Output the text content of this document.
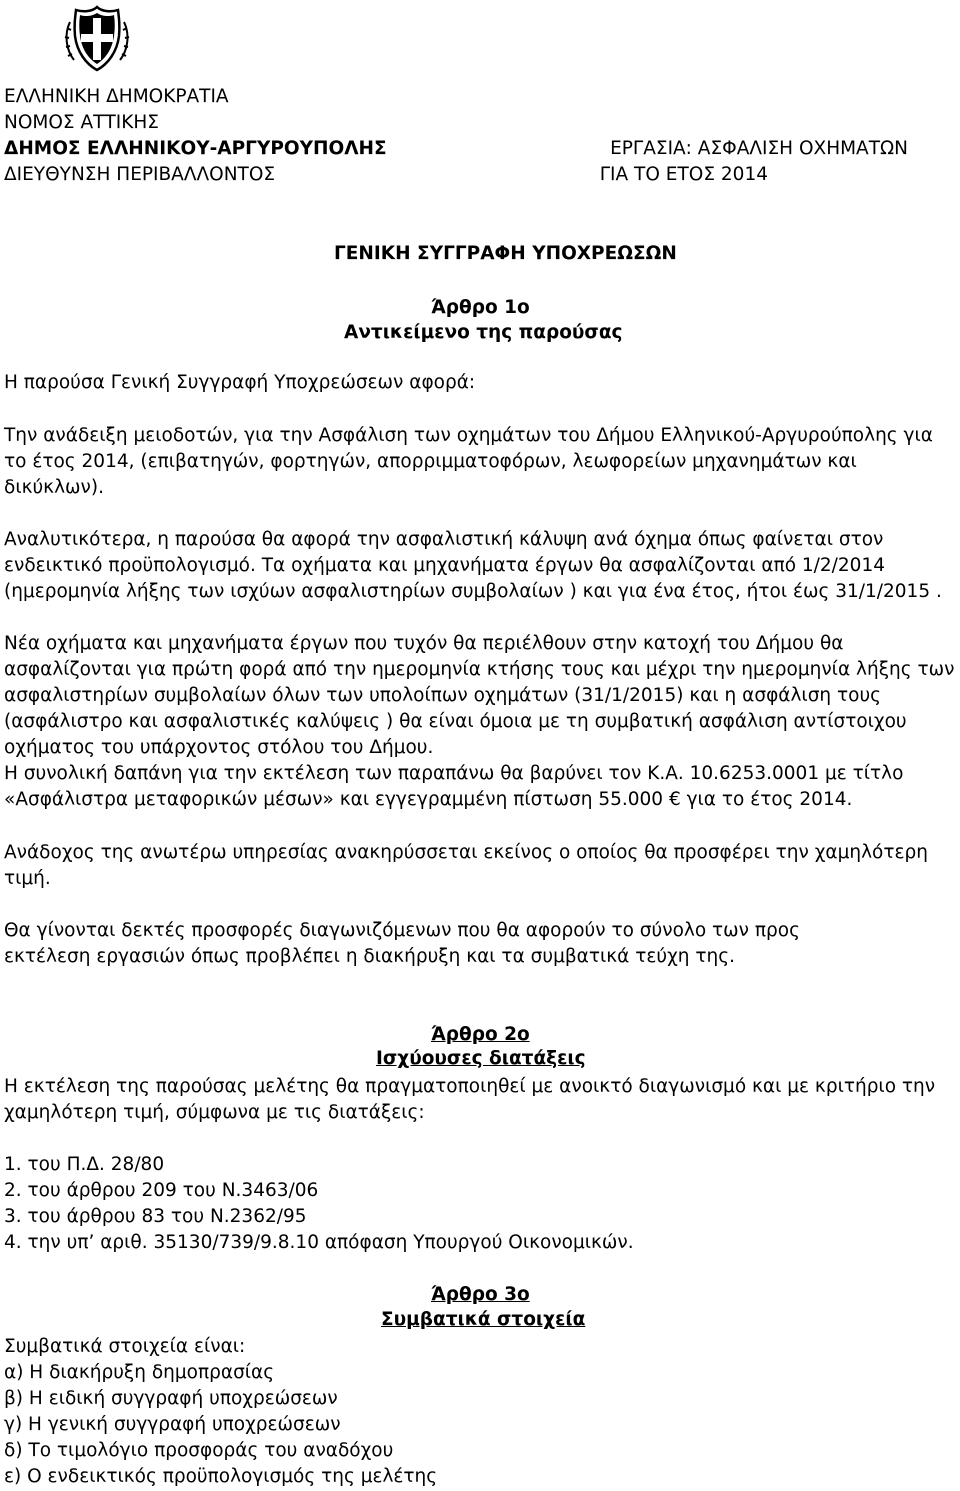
ΕΛΛΗΝΙΚΗ ΔΗΜΟΚΡΑΤΙΑ
ΝΟΜΟΣ ΑΤΤΙΚΗΣ
ΔΗΜΟΣ ΕΛΛΗΝΙΚΟΥ-ΑΡΓΥΡΟΥΠΟΛΗΣ	ΕΡΓΑΣΙΑ: ΑΣΦΑΛΙΣΗ ΟΧΗΜΑΤΩΝ
ΔΙΕΥΘΥΝΣΗ ΠΕΡΙΒΑΛΛΟΝΤΟΣ	ΓΙΑ ΤΟ ΕΤΟΣ 2014
ΓΕΝΙΚΗ ΣΥΓΓΡΑΦΗ ΥΠΟΧΡΕΩΣΩΝ
Άρθρο 1ο
Αντικείμενο της παρούσας
Η παρούσα Γενική Συγγραφή Υποχρεώσεων αφορά:
Την ανάδειξη μειοδοτών, για την Ασφάλιση των οχημάτων του Δήμου Ελληνικού-Αργυρούπολης για
το έτος 2014, (επιβατηγών, φορτηγών, απορριμματοφόρων, λεωφορείων μηχανημάτων και
δικύκλων).
Αναλυτικότερα, η παρούσα θα αφορά την ασφαλιστική κάλυψη ανά όχημα όπως φαίνεται στον
ενδεικτικό προϋπολογισμό. Τα οχήματα και μηχανήματα έργων θα ασφαλίζονται από 1/2/2014
(ημερομηνία λήξης των ισχύων ασφαλιστηρίων συμβολαίων ) και για ένα έτος, ήτοι έως 31/1/2015 .
Νέα οχήματα και μηχανήματα έργων που τυχόν θα περιέλθουν στην κατοχή του Δήμου θα
ασφαλίζονται για πρώτη φορά από την ημερομηνία κτήσης τους και μέχρι την ημερομηνία λήξης των
ασφαλιστηρίων συμβολαίων όλων των υπολοίπων οχημάτων (31/1/2015) και η ασφάλιση τους
(ασφάλιστρο και ασφαλιστικές καλύψεις ) θα είναι όμοια με τη συμβατική ασφάλιση αντίστοιχου
οχήματος του υπάρχοντος στόλου του Δήμου.
Η συνολική δαπάνη για την εκτέλεση των παραπάνω θα βαρύνει τον Κ.Α. 10.6253.0001 με τίτλο
«Ασφάλιστρα μεταφορικών μέσων» και εγγεγραμμένη πίστωση 55.000 € για το έτος 2014.
Ανάδοχος της ανωτέρω υπηρεσίας ανακηρύσσεται εκείνος ο οποίος θα προσφέρει την χαμηλότερη
τιμή.
Θα γίνονται δεκτές προσφορές διαγωνιζόμενων που θα αφορούν το σύνολο των προς
εκτέλεση εργασιών όπως προβλέπει η διακήρυξη και τα συμβατικά τεύχη της.
Άρθρο 2ο
Ισχύουσες διατάξεις
Η εκτέλεση της παρούσας μελέτης θα πραγματοποιηθεί με ανοικτό διαγωνισμό και με κριτήριο την
χαμηλότερη τιμή, σύμφωνα με τις διατάξεις:
1. του Π.Δ. 28/80
2. του άρθρου 209 του Ν.3463/06
3. του άρθρου 83 του Ν.2362/95
4. την υπ’ αριθ. 35130/739/9.8.10 απόφαση Υπουργού Οικονομικών.
Άρθρο 3ο
Συμβατικά στοιχεία
Συμβατικά στοιχεία είναι:
α) Η διακήρυξη δημοπρασίας
β) Η ειδική συγγραφή υποχρεώσεων
γ) Η γενική συγγραφή υποχρεώσεων
δ) Το τιμολόγιο προσφοράς του αναδόχου
ε) Ο ενδεικτικός προϋπολογισμός της μελέτης
